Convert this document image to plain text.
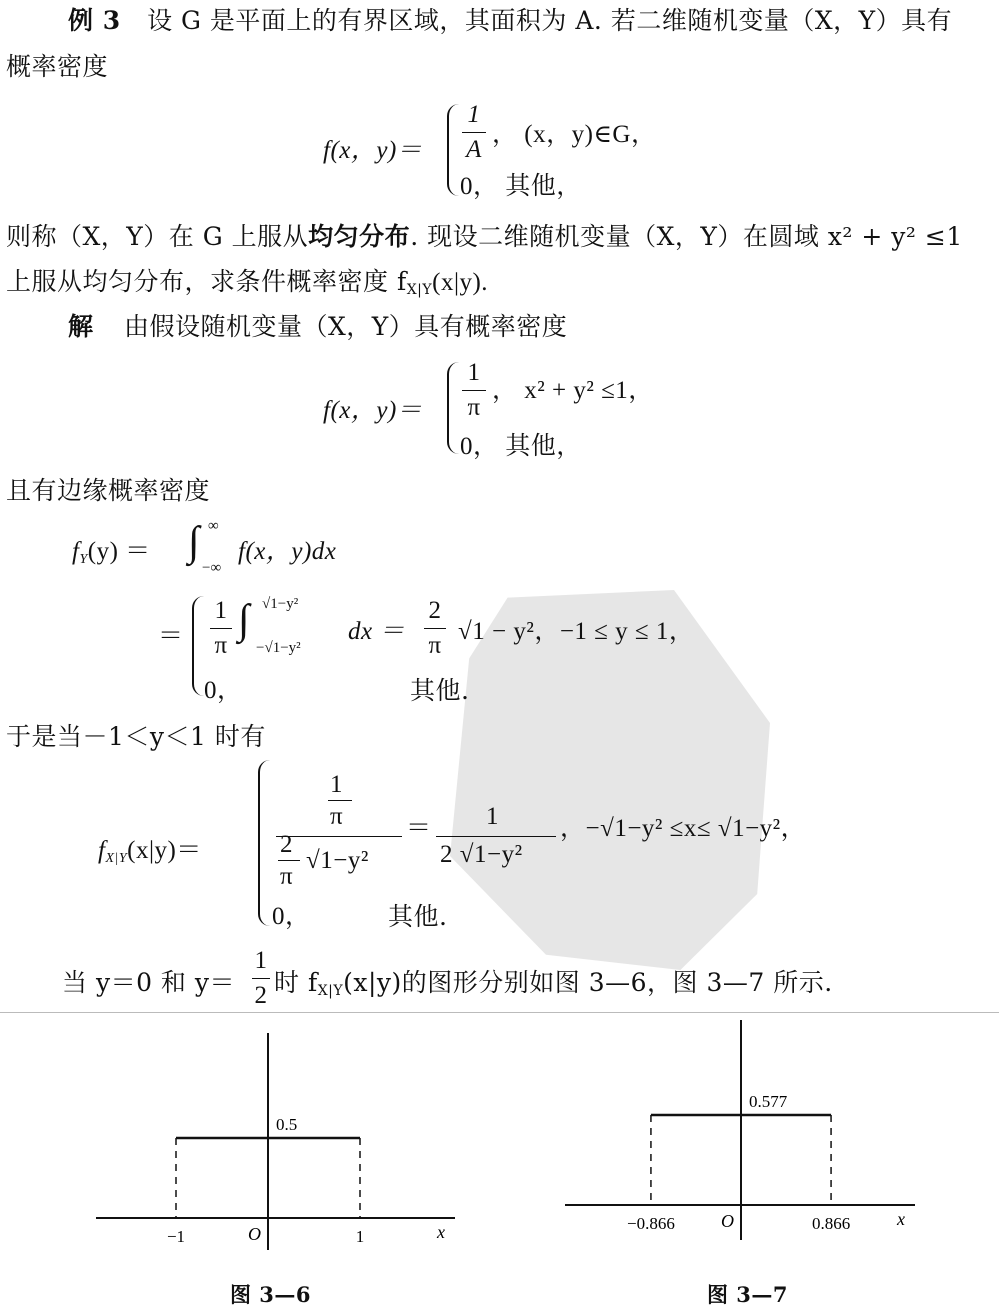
例 3 设 G 是平面上的有界区域，其面积为 A. 若二维随机变量（X，Y）具有
概率密度
f(x，y)＝
1
A
， (x，y)∈G，
0， 其他，
则称（X，Y）在 G 上服从均匀分布. 现设二维随机变量（X，Y）在圆域 x² + y² ≤1
上服从均匀分布，求条件概率密度 $f_{X|Y}(x|y)$.
解 由假设随机变量（X，Y）具有概率密度
f(x，y)＝
1
π
， x² + y² ≤1，
0， 其他，
且有边缘概率密度
$f_Y(y)$ ＝ ∫ ∞
−∞
f(x，y)dx
＝
1
π
∫ √1−y²
−√1−y²
dx ＝
2
π
√1 − y²，−1 ≤ y ≤ 1，
0，	其他.
于是当－1＜y＜1 时有
$f_{X|Y}(x|y)=$
1
π
2
π
√1−y²
＝ 1
2 √1−y²
，−√1−y² ≤x≤ √1−y²，
0，	其他.
当 y＝0 和 y＝
1
2 时 $f_{X|Y}(x|y)$的图形分别如图 3—6，图 3—7 所示.
0.5
−1	1
O	x
0.577
−0.866	0.866
O	x
图 3—6	图 3—7
